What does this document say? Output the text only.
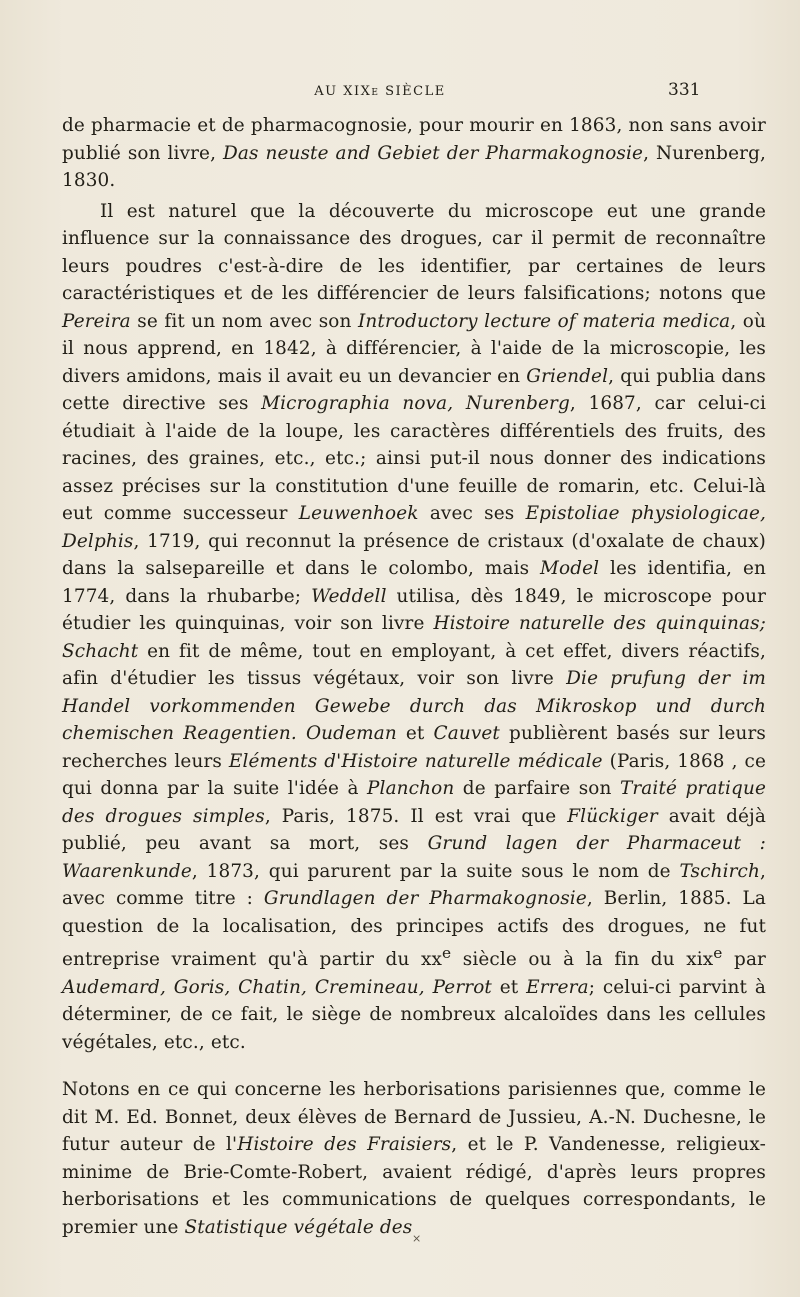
AU XIXe SIÈCLE	331

de pharmacie et de pharmacognosie, pour mourir en 1863, non sans avoir publié son livre, Das neuste and Gebiet der Pharmakognosie, Nurenberg, 1830.

Il est naturel que la découverte du microscope eut une grande influence sur la connaissance des drogues, car il permit de reconnaître leurs poudres c'est-à-dire de les identifier, par certaines de leurs caractéristiques et de les différencier de leurs falsifications; notons que Pereira se fit un nom avec son Introductory lecture of materia medica, où il nous apprend, en 1842, à différencier, à l'aide de la microscopie, les divers amidons, mais il avait eu un devancier en Griendel, qui publia dans cette directive ses Micrographia nova, Nurenberg, 1687, car celui-ci étudiait à l'aide de la loupe, les caractères différentiels des fruits, des racines, des graines, etc., etc.; ainsi put-il nous donner des indications assez précises sur la constitution d'une feuille de romarin, etc. Celui-là eut comme successeur Leuwenhoek avec ses Epistoliae physiologicae, Delphis, 1719, qui reconnut la présence de cristaux (d'oxalate de chaux) dans la salsepareille et dans le colombo, mais Model les identifia, en 1774, dans la rhubarbe; Weddell utilisa, dès 1849, le microscope pour étudier les quinquinas, voir son livre Histoire naturelle des quinquinas; Schacht en fit de même, tout en employant, à cet effet, divers réactifs, afin d'étudier les tissus végétaux, voir son livre Die prufung der im Handel vorkommenden Gewebe durch das Mikroskop und durch chemischen Reagentien. Oudeman et Cauvet publièrent basés sur leurs recherches leurs Eléments d'Histoire naturelle médicale (Paris, 1868 , ce qui donna par la suite l'idée à Planchon de parfaire son Traité pratique des drogues simples, Paris, 1875. Il est vrai que Flückiger avait déjà publié, peu avant sa mort, ses Grund lagen der Pharmaceut : Waarenkunde, 1873, qui parurent par la suite sous le nom de Tschirch, avec comme titre : Grundlagen der Pharmakognosie, Berlin, 1885. La question de la localisation, des principes actifs des drogues, ne fut entreprise vraiment qu'à partir du $xx^e$ siècle ou à la fin du xix$^e$ par Audemard, Goris, Chatin, Cremineau, Perrot et Errera; celui-ci parvint à déterminer, de ce fait, le siège de nombreux alcaloïdes dans les cellules végétales, etc., etc.

Notons en ce qui concerne les herborisations parisiennes que, comme le dit M. Ed. Bonnet, deux élèves de Bernard de Jussieu, A.-N. Duchesne, le futur auteur de l'Histoire des Fraisiers, et le P. Vandenesse, religieux-minime de Brie-Comte-Robert, avaient rédigé, d'après leurs propres herborisations et les communications de quelques correspondants, le premier une Statistique végétale des

×
